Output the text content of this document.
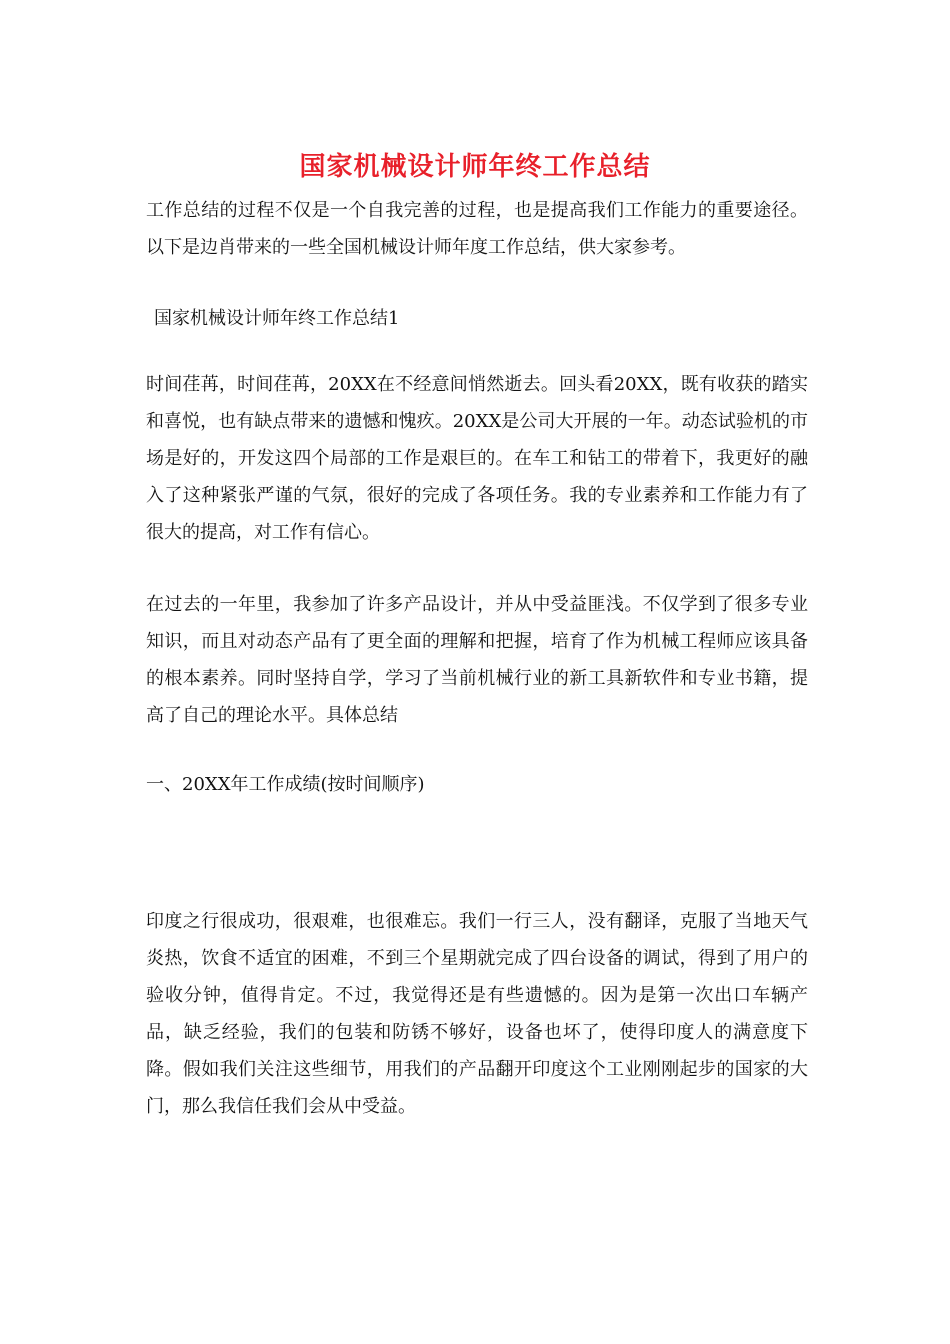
国家机械设计师年终工作总结

工作总结的过程不仅是一个自我完善的过程，也是提高我们工作能力的重要途径。以下是边肖带来的一些全国机械设计师年度工作总结，供大家参考。

国家机械设计师年终工作总结1

时间荏苒，时间荏苒，20XX在不经意间悄然逝去。回头看20XX，既有收获的踏实和喜悦，也有缺点带来的遗憾和愧疚。20XX是公司大开展的一年。动态试验机的市场是好的，开发这四个局部的工作是艰巨的。在车工和钻工的带着下，我更好的融入了这种紧张严谨的气氛，很好的完成了各项任务。我的专业素养和工作能力有了很大的提高，对工作有信心。

在过去的一年里，我参加了许多产品设计，并从中受益匪浅。不仅学到了很多专业知识，而且对动态产品有了更全面的理解和把握，培育了作为机械工程师应该具备的根本素养。同时坚持自学，学习了当前机械行业的新工具新软件和专业书籍，提高了自己的理论水平。具体总结

一、20XX年工作成绩(按时间顺序)

印度之行很成功，很艰难，也很难忘。我们一行三人，没有翻译，克服了当地天气炎热，饮食不适宜的困难，不到三个星期就完成了四台设备的调试，得到了用户的验收分钟，值得肯定。不过，我觉得还是有些遗憾的。因为是第一次出口车辆产品，缺乏经验，我们的包装和防锈不够好，设备也坏了，使得印度人的满意度下降。假如我们关注这些细节，用我们的产品翻开印度这个工业刚刚起步的国家的大门，那么我信任我们会从中受益。
